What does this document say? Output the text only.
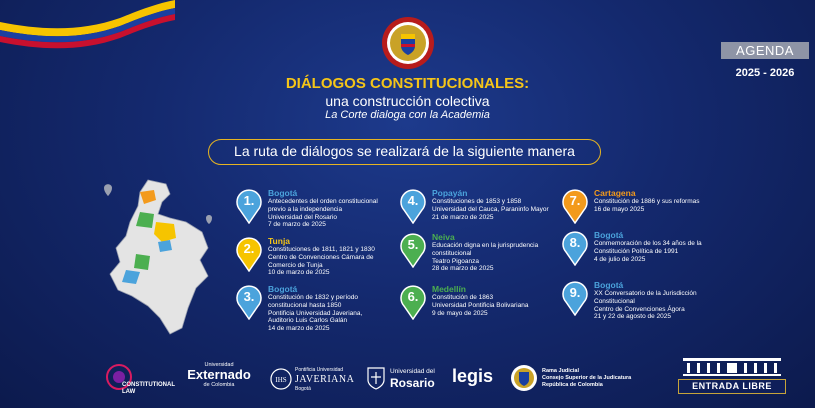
AGENDA
2025 - 2026
DIÁLOGOS CONSTITUCIONALES:
una construcción colectiva
La Corte dialoga con la Academia
La ruta de diálogos se realizará de la siguiente manera
1.	Bogotá
Antecedentes del orden constitucional
previo a la independencia
Universidad del Rosario
7 de marzo de 2025
2.	Tunja
Constituciones de 1811, 1821 y 1830
Centro de Convenciones Cámara de
Comercio de Tunja
10 de marzo de 2025
3.	Bogotá
Constitución de 1832 y período
constitucional hasta 1850
Pontificia Universidad Javeriana,
Auditorio Luis Carlos Galán
14 de marzo de 2025
4.	Popayán
Constituciones de 1853 y 1858
Universidad del Cauca, Paraninfo Mayor
21 de marzo de 2025
5.	Neiva
Educación digna en la jurisprudencia
constitucional
Teatro Pigoanza
28 de marzo de 2025
6.	Medellín
Constitución de 1863
Universidad Pontificia Bolivariana
9 de mayo de 2025
7.	Cartagena
Constitución de 1886 y sus reformas
16 de mayo 2025
8.	Bogotá
Conmemoración de los 34 años de la
Constitución Política de 1991
4 de julio de 2025
9.	Bogotá
XX Conversatorio de la Jurisdicción
Constitucional
Centro de Convenciones Ágora
21 y 22 de agosto de 2025
CONSTITUTIONAL LAW
Universidad
Externado
de Colombia
IHS
Pontificia Universidad
JAVERIANA
Bogotá
Universidad del
Rosario legis	Rama Judicial
Consejo Superior de la Judicatura
República de Colombia	ENTRADA LIBRE
